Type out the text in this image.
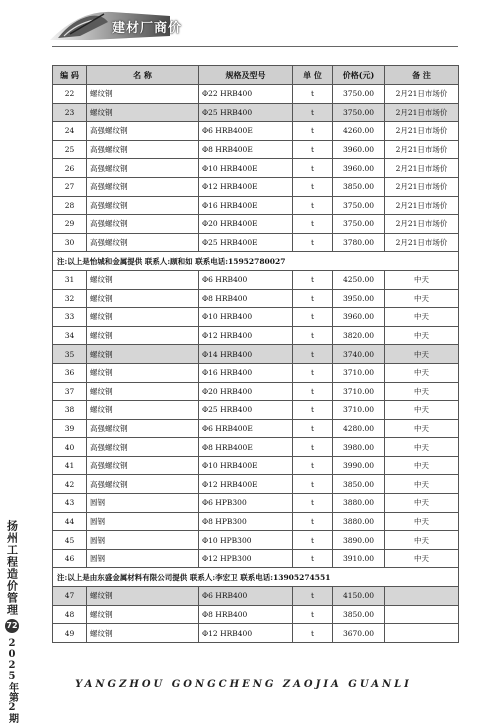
建材厂商价
扬州工程造价管理
72
2025年第2期
编 码	名 称	规格及型号	单 位	价格(元)	备 注
22	螺纹钢	Φ22 HRB400	t	3750.00	2月21日市场价
23	螺纹钢	Φ25 HRB400	t	3750.00	2月21日市场价
24	高强螺纹钢	Φ6 HRB400E	t	4260.00	2月21日市场价
25	高强螺纹钢	Φ8 HRB400E	t	3960.00	2月21日市场价
26	高强螺纹钢	Φ10 HRB400E	t	3960.00	2月21日市场价
27	高强螺纹钢	Φ12 HRB400E	t	3850.00	2月21日市场价
28	高强螺纹钢	Φ16 HRB400E	t	3750.00	2月21日市场价
29	高强螺纹钢	Φ20 HRB400E	t	3750.00	2月21日市场价
30	高强螺纹钢	Φ25 HRB400E	t	3780.00	2月21日市场价
注:以上是怡城和金属提供 联系人:顾和如 联系电话:15952780027					
31	螺纹钢	Φ6 HRB400	t	4250.00	中天
32	螺纹钢	Φ8 HRB400	t	3950.00	中天
33	螺纹钢	Φ10 HRB400	t	3960.00	中天
34	螺纹钢	Φ12 HRB400	t	3820.00	中天
35	螺纹钢	Φ14 HRB400	t	3740.00	中天
36	螺纹钢	Φ16 HRB400	t	3710.00	中天
37	螺纹钢	Φ20 HRB400	t	3710.00	中天
38	螺纹钢	Φ25 HRB400	t	3710.00	中天
39	高强螺纹钢	Φ6 HRB400E	t	4280.00	中天
40	高强螺纹钢	Φ8 HRB400E	t	3980.00	中天
41	高强螺纹钢	Φ10 HRB400E	t	3990.00	中天
42	高强螺纹钢	Φ12 HRB400E	t	3850.00	中天
43	圆钢	Φ6 HPB300	t	3880.00	中天
44	圆钢	Φ8 HPB300	t	3880.00	中天
45	圆钢	Φ10 HPB300	t	3890.00	中天
46	圆钢	Φ12 HPB300	t	3910.00	中天
注:以上是由东盛金属材料有限公司提供 联系人:李宏卫 联系电话:13905274551					
47	螺纹钢	Φ6 HRB400	t	4150.00	
48	螺纹钢	Φ8 HRB400	t	3850.00	
49	螺纹钢	Φ12 HRB400	t	3670.00	
YANGZHOU GONGCHENG ZAOJIA GUANLI
